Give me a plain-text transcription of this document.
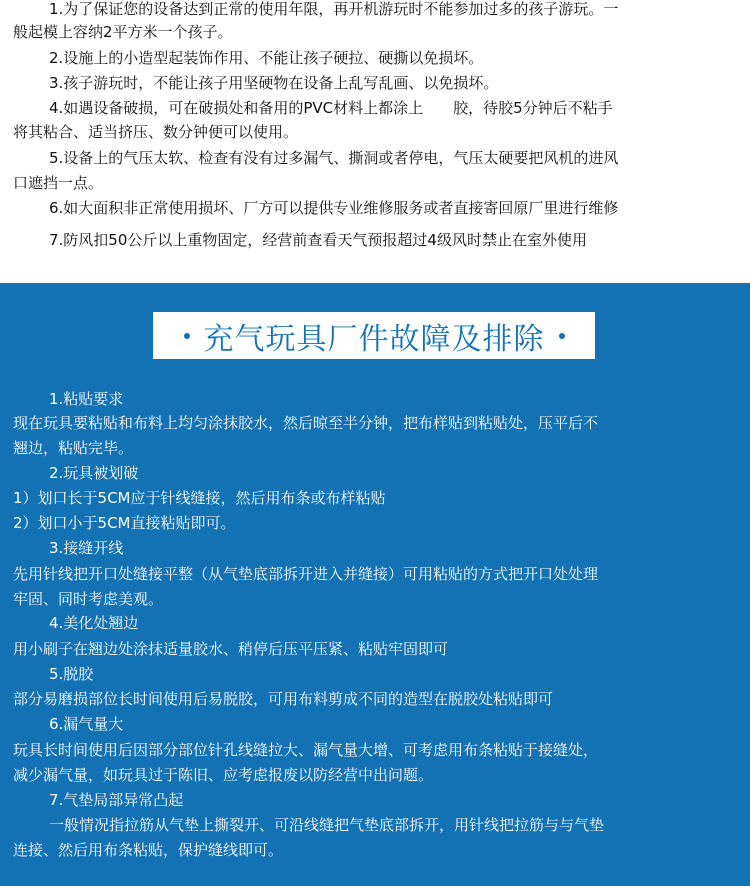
1.为了保证您的设备达到正常的使用年限，再开机游玩时不能参加过多的孩子游玩。一
般起模上容纳2平方米一个孩子。
2.设施上的小造型起装饰作用、不能让孩子硬拉、硬撕以免损坏。
3.孩子游玩时，不能让孩子用坚硬物在设备上乱写乱画、以免损坏。
4.如遇设备破损，可在破损处和备用的PVC材料上都涂上　　胶，待胶5分钟后不粘手
将其粘合、适当挤压、数分钟便可以使用。
5.设备上的气压太软、检查有没有过多漏气、撕洞或者停电，气压太硬要把风机的进风
口遮挡一点。
6.如大面积非正常使用损坏、厂方可以提供专业维修服务或者直接寄回原厂里进行维修
7.防风扣50公斤以上重物固定，经营前查看天气预报超过4级风时禁止在室外使用
充气玩具厂件故障及排除
1.粘贴要求
现在玩具要粘贴和布料上均匀涂抹胶水，然后晾至半分钟，把布样贴到粘贴处，压平后不
翘边，粘贴完毕。
2.玩具被划破
1）划口长于5CM应于针线缝接，然后用布条或布样粘贴
2）划口小于5CM直接粘贴即可。
3.接缝开线
先用针线把开口处缝接平整（从气垫底部拆开进入并缝接）可用粘贴的方式把开口处处理
牢固、同时考虑美观。
4.美化处翘边
用小刷子在翘边处涂抹适量胶水、稍停后压平压紧、粘贴牢固即可
5.脱胶
部分易磨损部位长时间使用后易脱胶，可用布料剪成不同的造型在脱胶处粘贴即可
6.漏气量大
玩具长时间使用后因部分部位针孔线缝拉大、漏气量大增、可考虑用布条粘贴于接缝处，
减少漏气量，如玩具过于陈旧、应考虑报废以防经营中出问题。
7.气垫局部异常凸起
一般情况指拉筋从气垫上撕裂开、可沿线缝把气垫底部拆开，用针线把拉筋与与气垫
连接、然后用布条粘贴，保护缝线即可。
